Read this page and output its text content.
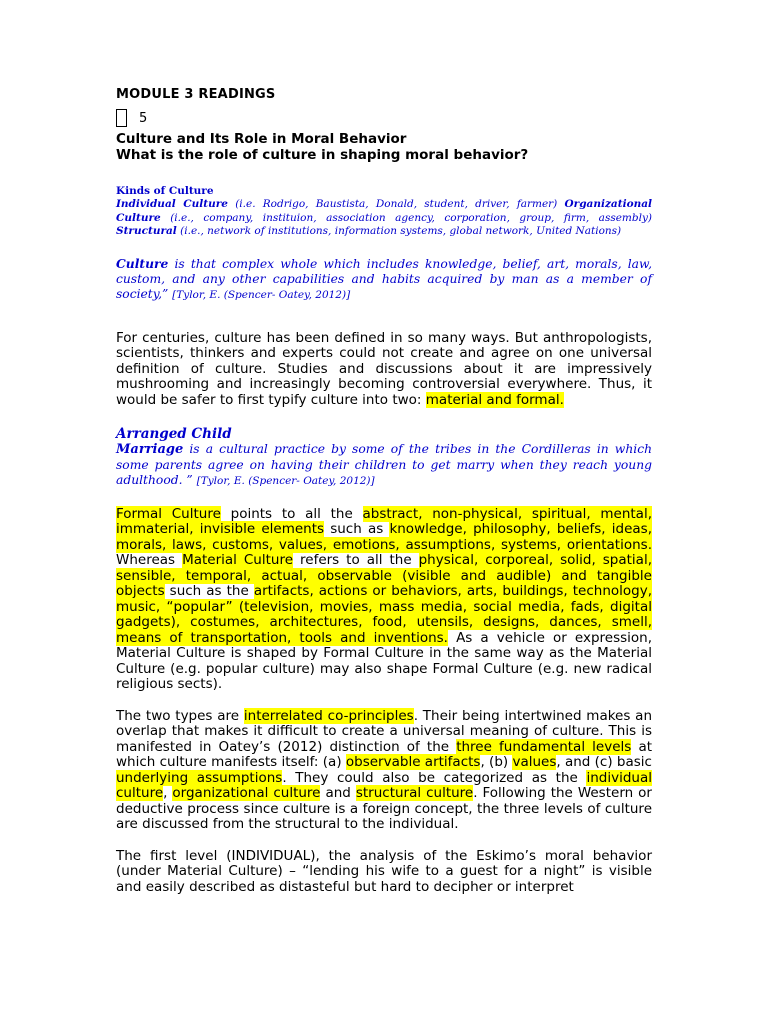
MODULE 3 READINGS
5
Culture and Its Role in Moral Behavior
What is the role of culture in shaping moral behavior?
Kinds of Culture
Individual Culture (i.e. Rodrigo, Baustista, Donald, student, driver, farmer) Organizational Culture (i.e., company, instituion, association agency, corporation, group, firm, assembly) Structural (i.e., network of institutions, information systems, global network, United Nations)
Culture is that complex whole which includes knowledge, belief, art, morals, law, custom, and any other capabilities and habits acquired by man as a member of society,” [Tylor, E. (Spencer- Oatey, 2012)]

For centuries, culture has been defined in so many ways. But anthropologists, scientists, thinkers and experts could not create and agree on one universal definition of culture. Studies and discussions about it are impressively mushrooming and increasingly becoming controversial everywhere. Thus, it would be safer to first typify culture into two: material and formal.

Arranged Child
Marriage is a cultural practice by some of the tribes in the Cordilleras in which some parents agree on having their children to get marry when they reach young adulthood. ” [Tylor, E. (Spencer- Oatey, 2012)]

Formal Culture points to all the abstract, non-physical, spiritual, mental, immaterial, invisible elements such as knowledge, philosophy, beliefs, ideas, morals, laws, customs, values, emotions, assumptions, systems, orientations. Whereas Material Culture refers to all the physical, corporeal, solid, spatial, sensible, temporal, actual, observable (visible and audible) and tangible objects such as the artifacts, actions or behaviors, arts, buildings, technology, music, “popular” (television, movies, mass media, social media, fads, digital gadgets), costumes, architectures, food, utensils, designs, dances, smell, means of transportation, tools and inventions. As a vehicle or expression, Material Culture is shaped by Formal Culture in the same way as the Material Culture (e.g. popular culture) may also shape Formal Culture (e.g. new radical religious sects).

The two types are interrelated co-principles. Their being intertwined makes an overlap that makes it difficult to create a universal meaning of culture. This is manifested in Oatey’s (2012) distinction of the three fundamental levels at which culture manifests itself: (a) observable artifacts, (b) values, and (c) basic underlying assumptions. They could also be categorized as the individual culture, organizational culture and structural culture. Following the Western or deductive process since culture is a foreign concept, the three levels of culture are discussed from the structural to the individual.

The first level (INDIVIDUAL), the analysis of the Eskimo’s moral behavior (under Material Culture) – “lending his wife to a guest for a night” is visible and easily described as distasteful but hard to decipher or interpret
